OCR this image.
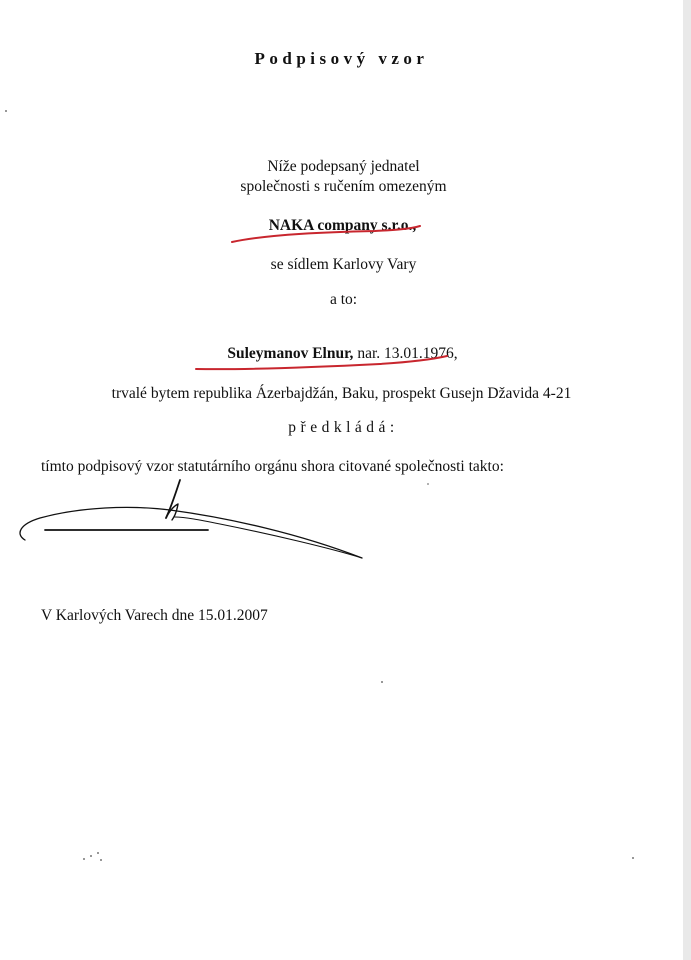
Podpisový vzor
Níže podepsaný jednatel
společnosti s ručením omezeným
NAKA company s.r.o.,
se sídlem Karlovy Vary
a to:
Suleymanov Elnur, nar. 13.01.1976,
trvalé bytem republika Ázerbajdžán, Baku, prospekt Gusejn Džavida 4-21
předkládá:
tímto podpisový vzor statutárního orgánu shora citované společnosti takto:
V Karlových Varech dne 15.01.2007
